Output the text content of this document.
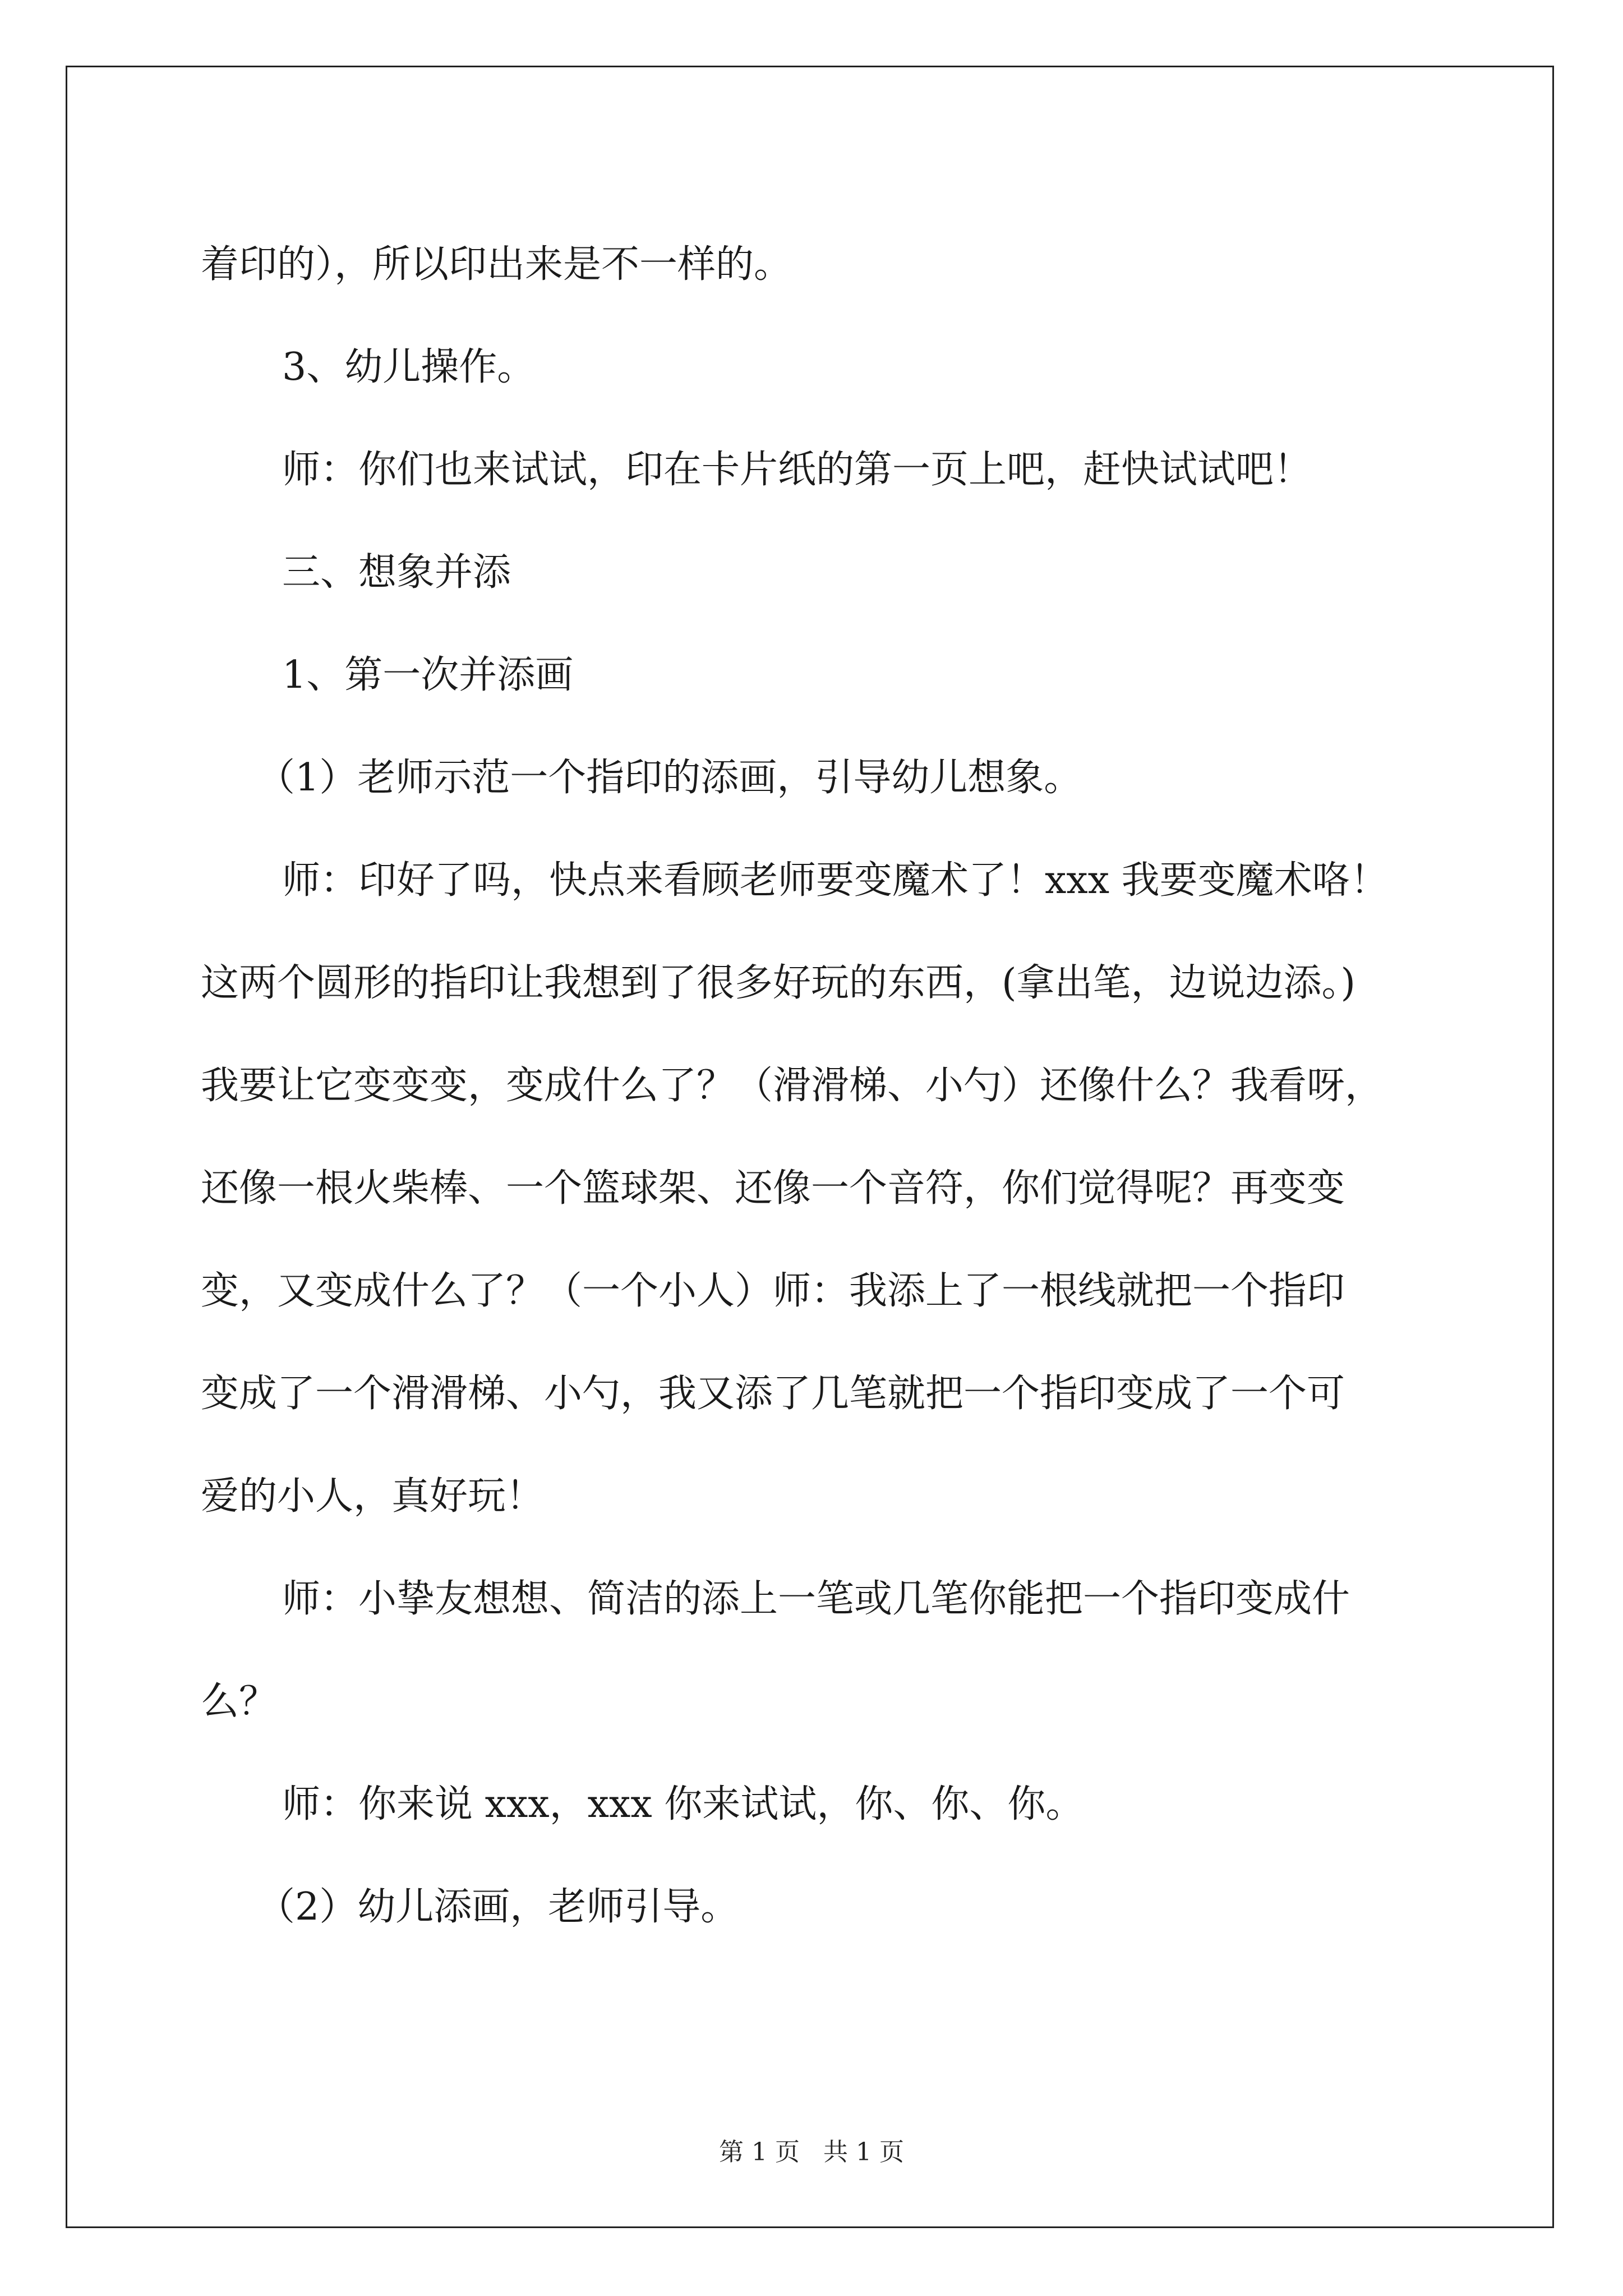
着印的），所以印出来是不一样的。
3、幼儿操作。
师：你们也来试试，印在卡片纸的第一页上吧，赶快试试吧！
三、想象并添
1、第一次并添画
（1）老师示范一个指印的添画，引导幼儿想象。
师：印好了吗，快点来看顾老师要变魔术了！xxx 我要变魔术咯！
这两个圆形的指印让我想到了很多好玩的东西，(拿出笔，边说边添。)
我要让它变变变，变成什么了？（滑滑梯、小勺）还像什么？我看呀，
还像一根火柴棒、一个篮球架、还像一个音符，你们觉得呢？再变变
变，又变成什么了？（一个小人）师：我添上了一根线就把一个指印
变成了一个滑滑梯、小勺，我又添了几笔就把一个指印变成了一个可
爱的小人，真好玩！
师：小挚友想想、简洁的添上一笔或几笔你能把一个指印变成什
么？
师：你来说 xxx，xxx 你来试试，你、你、你。
（2）幼儿添画，老师引导。
第 1 页 共 1 页
